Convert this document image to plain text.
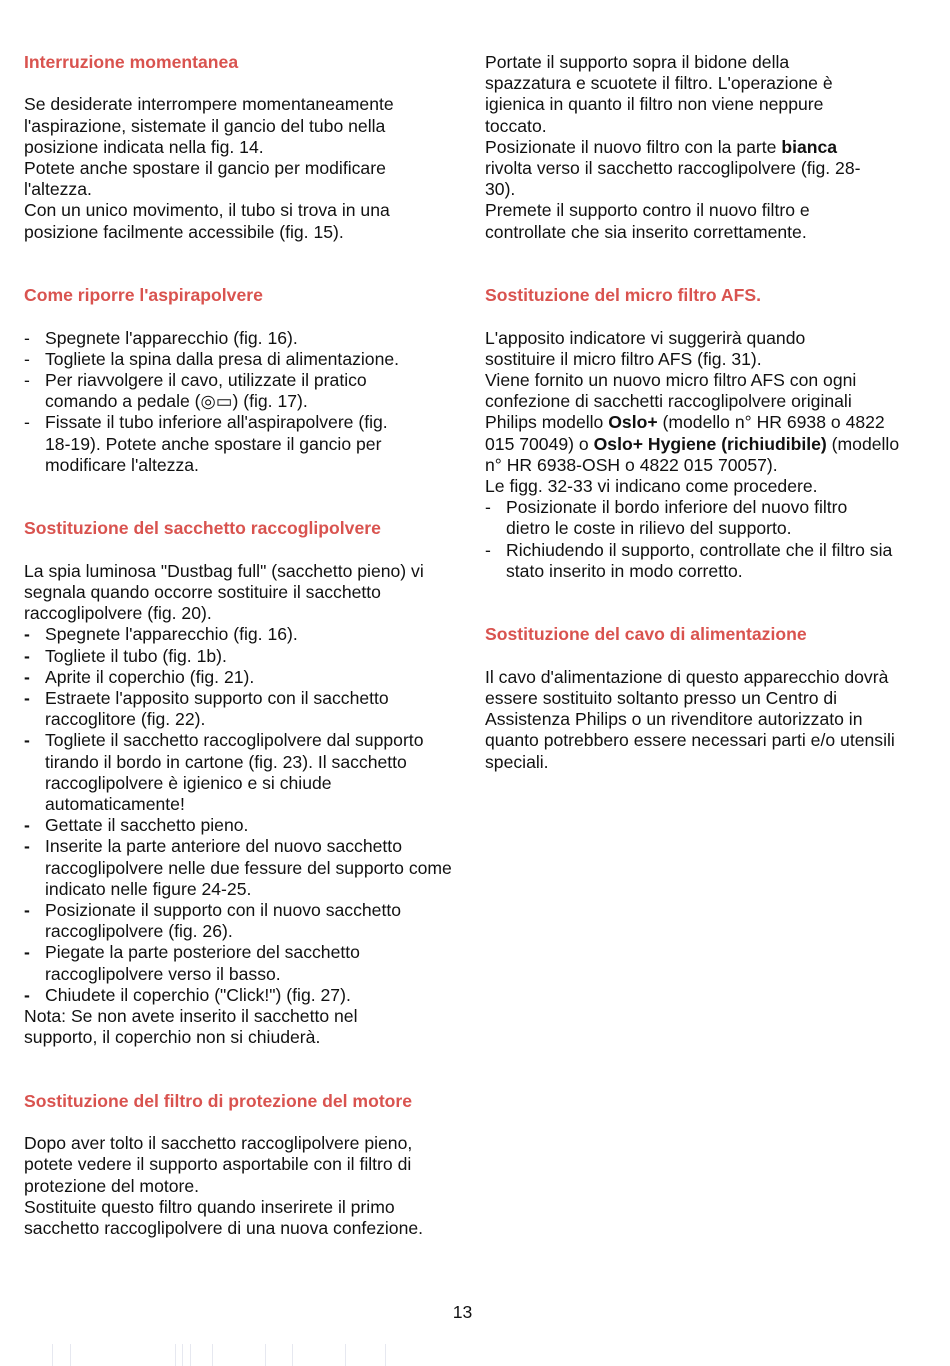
Interruzione momentanea

Se desiderate interrompere momentaneamente l'aspirazione, sistemate il gancio del tubo nella posizione indicata nella fig. 14.

Potete anche spostare il gancio per modificare l'altezza.

Con un unico movimento, il tubo si trova in una posizione facilmente accessibile (fig. 15).

Come riporre l'aspirapolvere
- Spegnete l'apparecchio (fig. 16).
- Togliete la spina dalla presa di alimentazione.
- Per riavvolgere il cavo, utilizzate il pratico comando a pedale (◎▭) (fig. 17).
- Fissate il tubo inferiore all'aspirapolvere (fig. 18-19). Potete anche spostare il gancio per modificare l'altezza.
Sostituzione del sacchetto raccoglipolvere

La spia luminosa "Dustbag full" (sacchetto pieno) vi segnala quando occorre sostituire il sacchetto raccoglipolvere (fig. 20).

- Spegnete l'apparecchio (fig. 16).
- Togliete il tubo (fig. 1b).
- Aprite il coperchio (fig. 21).
- Estraete l'apposito supporto con il sacchetto raccoglitore (fig. 22).
- Togliete il sacchetto raccoglipolvere dal supporto tirando il bordo in cartone (fig. 23). Il sacchetto raccoglipolvere è igienico e si chiude automaticamente!
- Gettate il sacchetto pieno.
- Inserite la parte anteriore del nuovo sacchetto raccoglipolvere nelle due fessure del supporto come indicato nelle figure 24-25.
- Posizionate il supporto con il nuovo sacchetto raccoglipolvere (fig. 26).
- Piegate la parte posteriore del sacchetto raccoglipolvere verso il basso.
- Chiudete il coperchio ("Click!") (fig. 27).

Nota: Se non avete inserito il sacchetto nel supporto, il coperchio non si chiuderà.

Sostituzione del filtro di protezione del motore

Dopo aver tolto il sacchetto raccoglipolvere pieno, potete vedere il supporto asportabile con il filtro di protezione del motore.

Sostituite questo filtro quando inserirete il primo sacchetto raccoglipolvere di una nuova confezione.

Portate il supporto sopra il bidone della spazzatura e scuotete il filtro. L'operazione è igienica in quanto il filtro non viene neppure toccato.

Posizionate il nuovo filtro con la parte bianca rivolta verso il sacchetto raccoglipolvere (fig. 28-30).

Premete il supporto contro il nuovo filtro e controllate che sia inserito correttamente.

Sostituzione del micro filtro AFS.

L'apposito indicatore vi suggerirà quando sostituire il micro filtro AFS (fig. 31).

Viene fornito un nuovo micro filtro AFS con ogni confezione di sacchetti raccoglipolvere originali Philips modello Oslo+ (modello n° HR 6938 o 4822 015 70049) o Oslo+ Hygiene (richiudibile) (modello n° HR 6938-OSH o 4822 015 70057).

Le figg. 32-33 vi indicano come procedere.

- Posizionate il bordo inferiore del nuovo filtro dietro le coste in rilievo del supporto.
- Richiudendo il supporto, controllate che il filtro sia stato inserito in modo corretto.
Sostituzione del cavo di alimentazione

Il cavo d'alimentazione di questo apparecchio dovrà essere sostituito soltanto presso un Centro di Assistenza Philips o un rivenditore autorizzato in quanto potrebbero essere necessari parti e/o utensili speciali.

13
